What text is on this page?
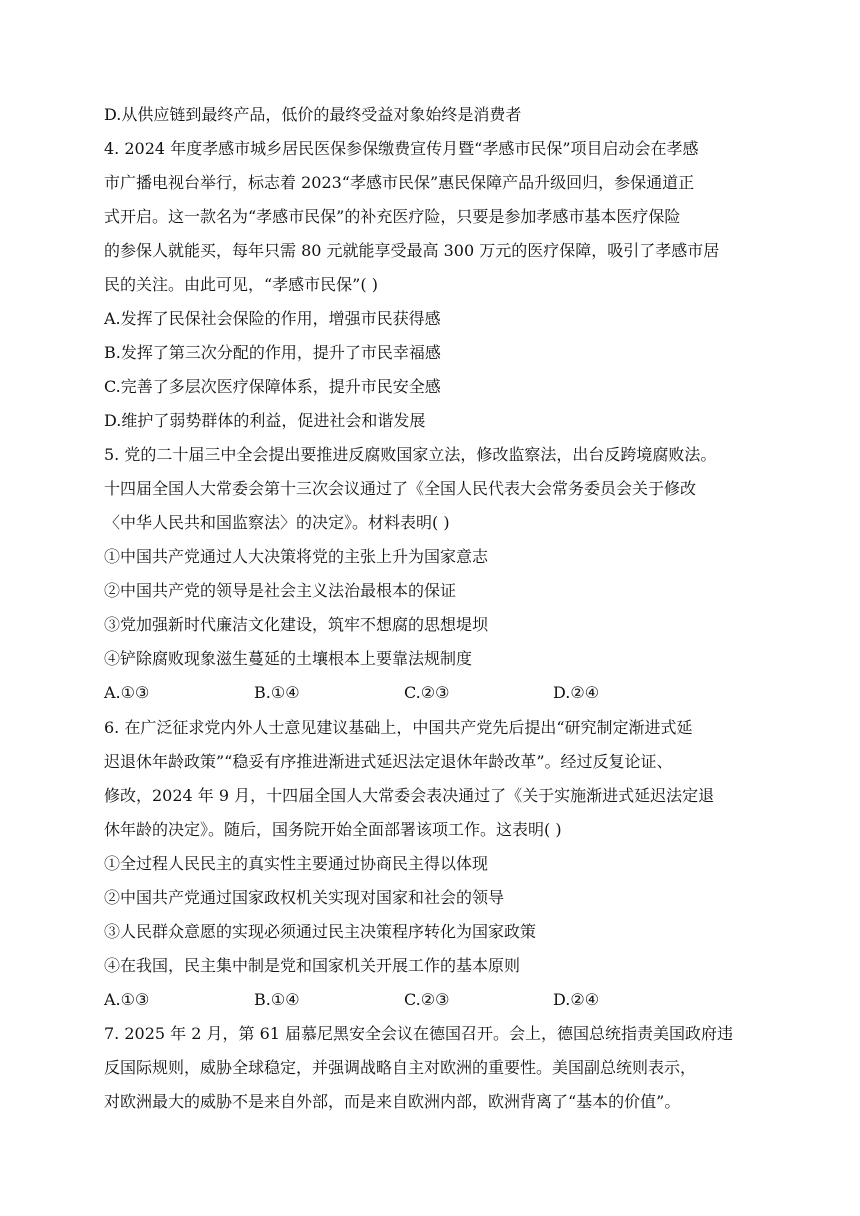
D.从供应链到最终产品，低价的最终受益对象始终是消费者
4. 2024 年度孝感市城乡居民医保参保缴费宣传月暨“孝感市民保”项目启动会在孝感
市广播电视台举行，标志着 2023“孝感市民保”惠民保障产品升级回归，参保通道正
式开启。这一款名为“孝感市民保”的补充医疗险，只要是参加孝感市基本医疗保险
的参保人就能买，每年只需 80 元就能享受最高 300 万元的医疗保障，吸引了孝感市居
民的关注。由此可见，“孝感市民保”( )
A.发挥了民保社会保险的作用，增强市民获得感
B.发挥了第三次分配的作用，提升了市民幸福感
C.完善了多层次医疗保障体系，提升市民安全感
D.维护了弱势群体的利益，促进社会和谐发展
5. 党的二十届三中全会提出要推进反腐败国家立法，修改监察法，出台反跨境腐败法。
十四届全国人大常委会第十三次会议通过了《全国人民代表大会常务委员会关于修改
〈中华人民共和国监察法〉的决定》。材料表明( )
①中国共产党通过人大决策将党的主张上升为国家意志
②中国共产党的领导是社会主义法治最根本的保证
③党加强新时代廉洁文化建设，筑牢不想腐的思想堤坝
④铲除腐败现象滋生蔓延的土壤根本上要靠法规制度
A.①③	B.①④	C.②③	D.②④
6. 在广泛征求党内外人士意见建议基础上，中国共产党先后提出“研究制定渐进式延
迟退休年龄政策”“稳妥有序推进渐进式延迟法定退休年龄改革”。经过反复论证、
修改，2024 年 9 月，十四届全国人大常委会表决通过了《关于实施渐进式延迟法定退
休年龄的决定》。随后，国务院开始全面部署该项工作。这表明( )
①全过程人民民主的真实性主要通过协商民主得以体现
②中国共产党通过国家政权机关实现对国家和社会的领导
③人民群众意愿的实现必须通过民主决策程序转化为国家政策
④在我国，民主集中制是党和国家机关开展工作的基本原则
A.①③	B.①④	C.②③	D.②④
7. 2025 年 2 月，第 61 届慕尼黑安全会议在德国召开。会上，德国总统指责美国政府违
反国际规则，威胁全球稳定，并强调战略自主对欧洲的重要性。美国副总统则表示，
对欧洲最大的威胁不是来自外部，而是来自欧洲内部，欧洲背离了“基本的价值”。
